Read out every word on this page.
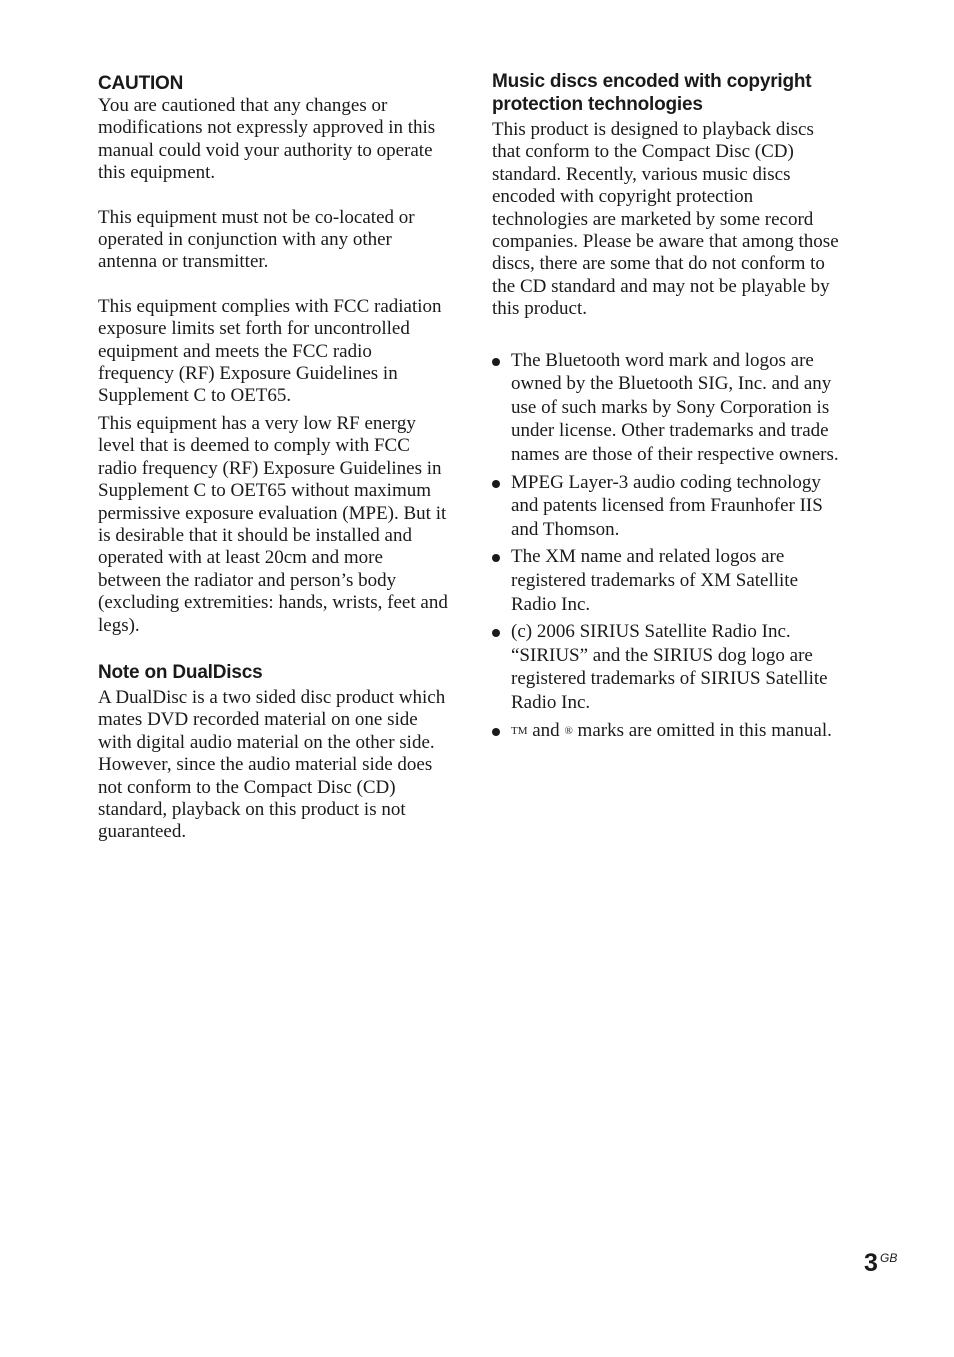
CAUTION

You are cautioned that any changes or modifications not expressly approved in this manual could void your authority to operate this equipment.

This equipment must not be co-located or operated in conjunction with any other antenna or transmitter.

This equipment complies with FCC radiation exposure limits set forth for uncontrolled equipment and meets the FCC radio frequency (RF) Exposure Guidelines in Supplement C to OET65.

This equipment has a very low RF energy level that is deemed to comply with FCC radio frequency (RF) Exposure Guidelines in Supplement C to OET65 without maximum permissive exposure evaluation (MPE). But it is desirable that it should be installed and operated with at least 20cm and more between the radiator and person’s body (excluding extremities: hands, wrists, feet and legs).

Note on DualDiscs

A DualDisc is a two sided disc product which mates DVD recorded material on one side with digital audio material on the other side. However, since the audio material side does not conform to the Compact Disc (CD) standard, playback on this product is not guaranteed.

Music discs encoded with copyright protection technologies

This product is designed to playback discs that conform to the Compact Disc (CD) standard. Recently, various music discs encoded with copyright protection technologies are marketed by some record companies. Please be aware that among those discs, there are some that do not conform to the CD standard and may not be playable by this product.

The Bluetooth word mark and logos are owned by the Bluetooth SIG, Inc. and any use of such marks by Sony Corporation is under license. Other trademarks and trade names are those of their respective owners.
MPEG Layer-3 audio coding technology and patents licensed from Fraunhofer IIS and Thomson.
The XM name and related logos are registered trademarks of XM Satellite Radio Inc.
(c) 2006 SIRIUS Satellite Radio Inc. “SIRIUS” and the SIRIUS dog logo are registered trademarks of SIRIUS Satellite Radio Inc.
™ and ® marks are omitted in this manual.
3 GB
